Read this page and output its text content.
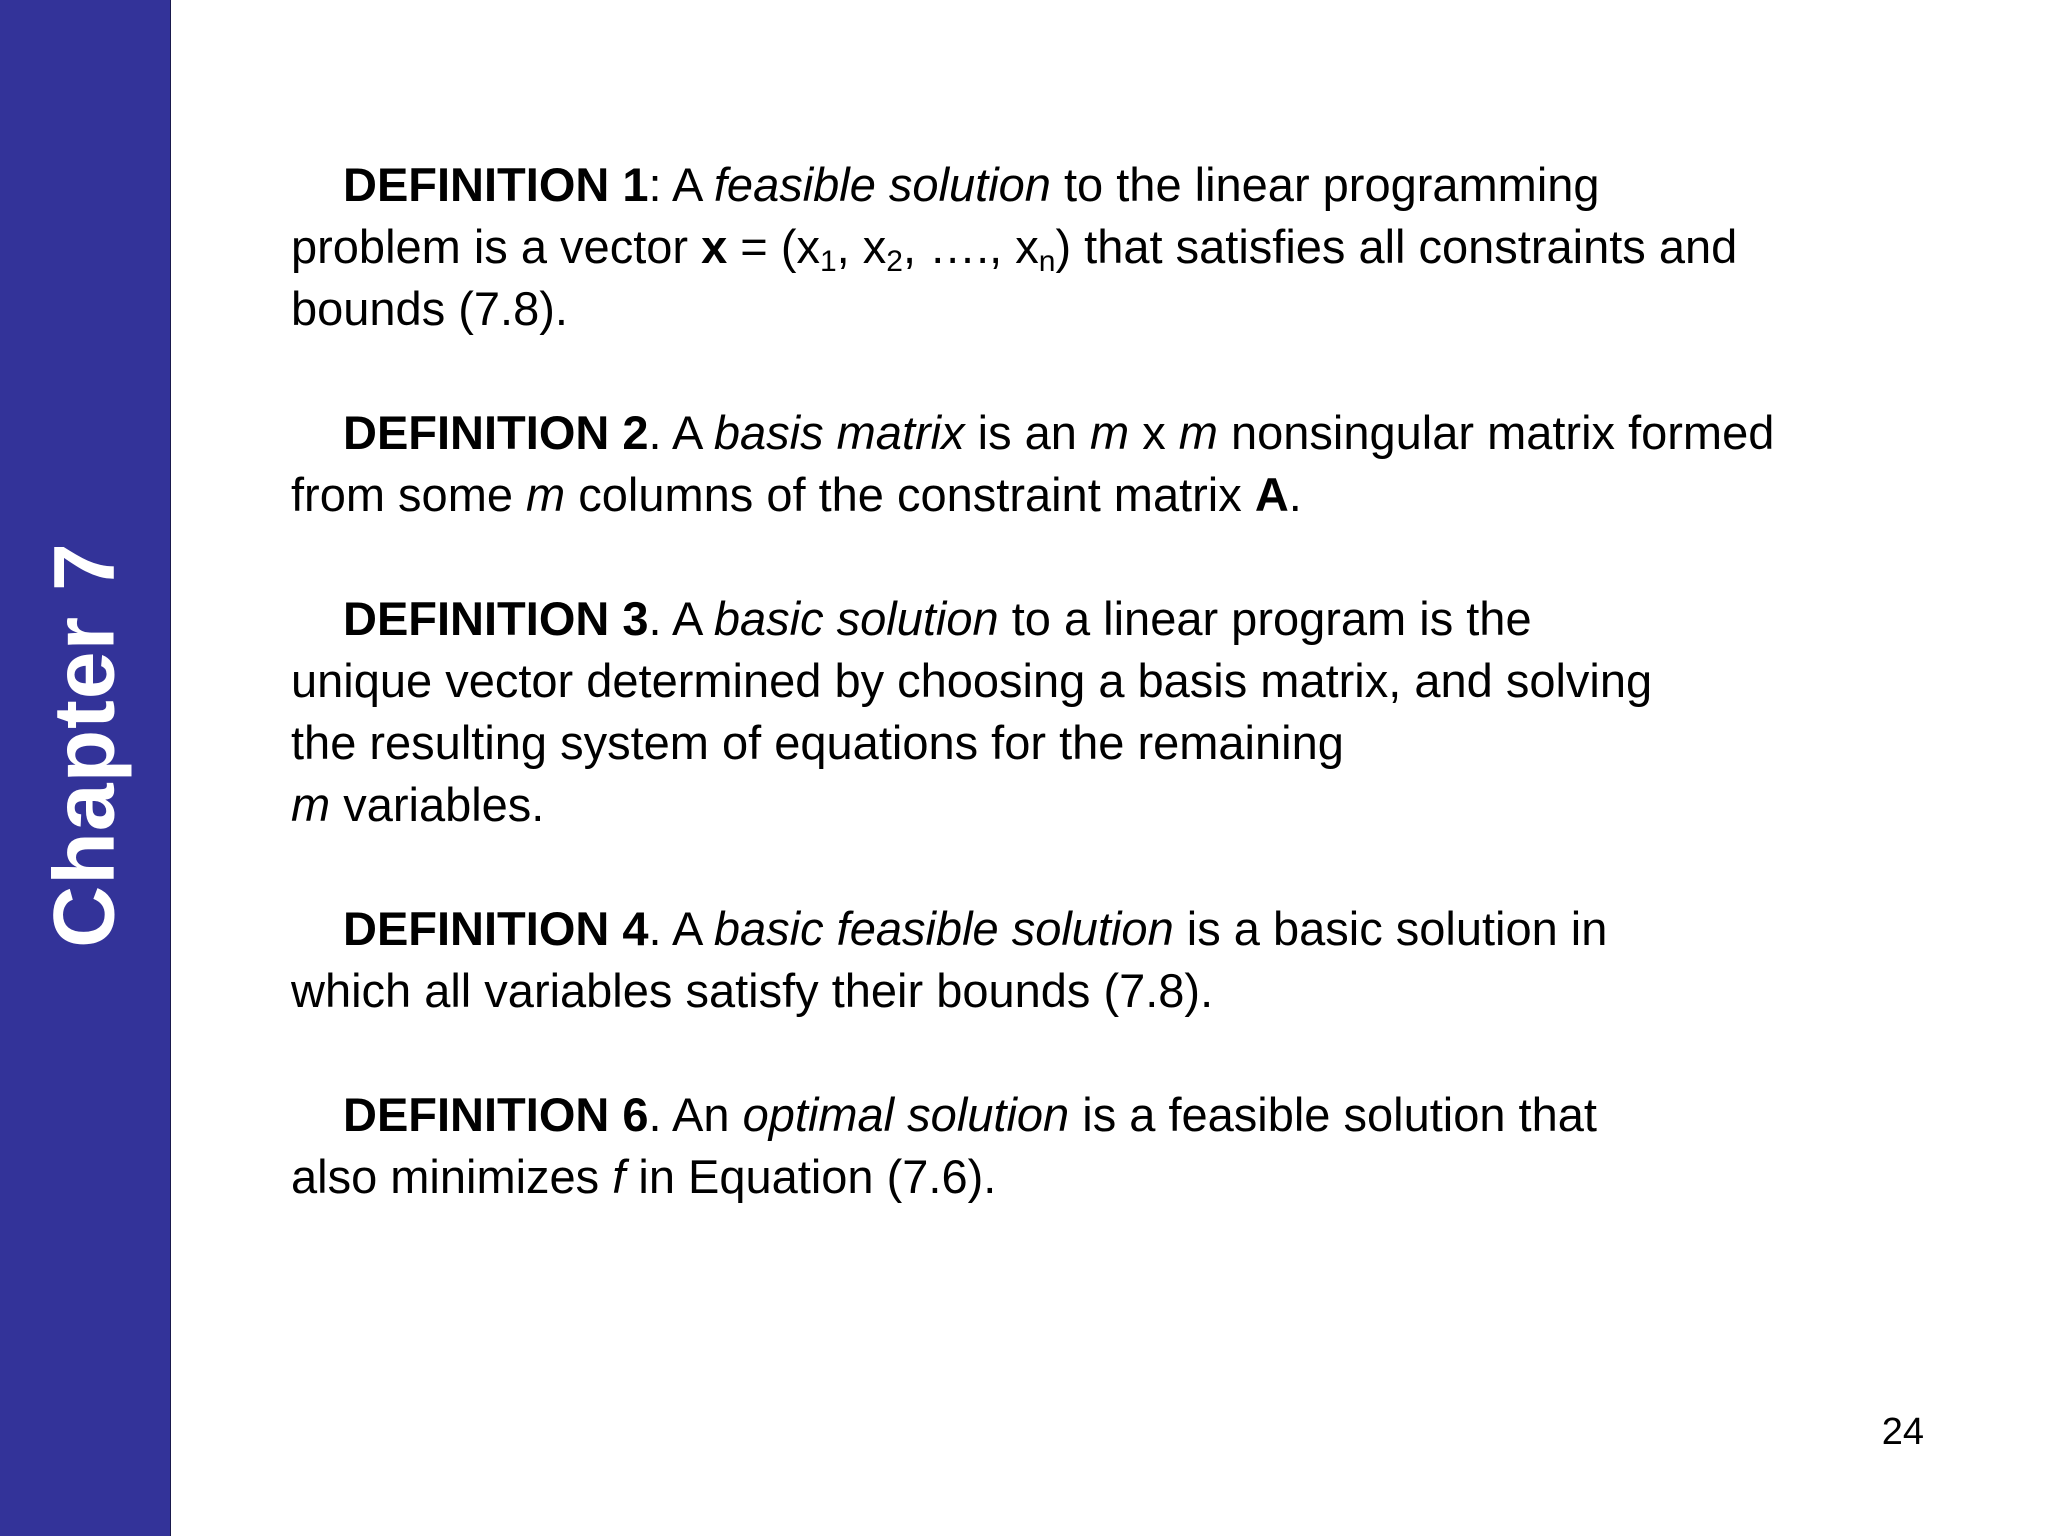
Chapter 7

DEFINITION 1: A feasible solution to the linear programming problem is a vector $x = (x_1$, $x_2$, …., $x_n$) that satisfies all constraints and bounds (7.8).

DEFINITION 2. A basis matrix is an m x m nonsingular matrix formed from some m columns of the constraint matrix A.

DEFINITION 3. A basic solution to a linear program is the unique vector determined by choosing a basis matrix, and solving the resulting system of equations for the remaining
m variables.

DEFINITION 4. A basic feasible solution is a basic solution in which all variables satisfy their bounds (7.8).

DEFINITION 6. An optimal solution is a feasible solution that also minimizes f in Equation (7.6).

24
